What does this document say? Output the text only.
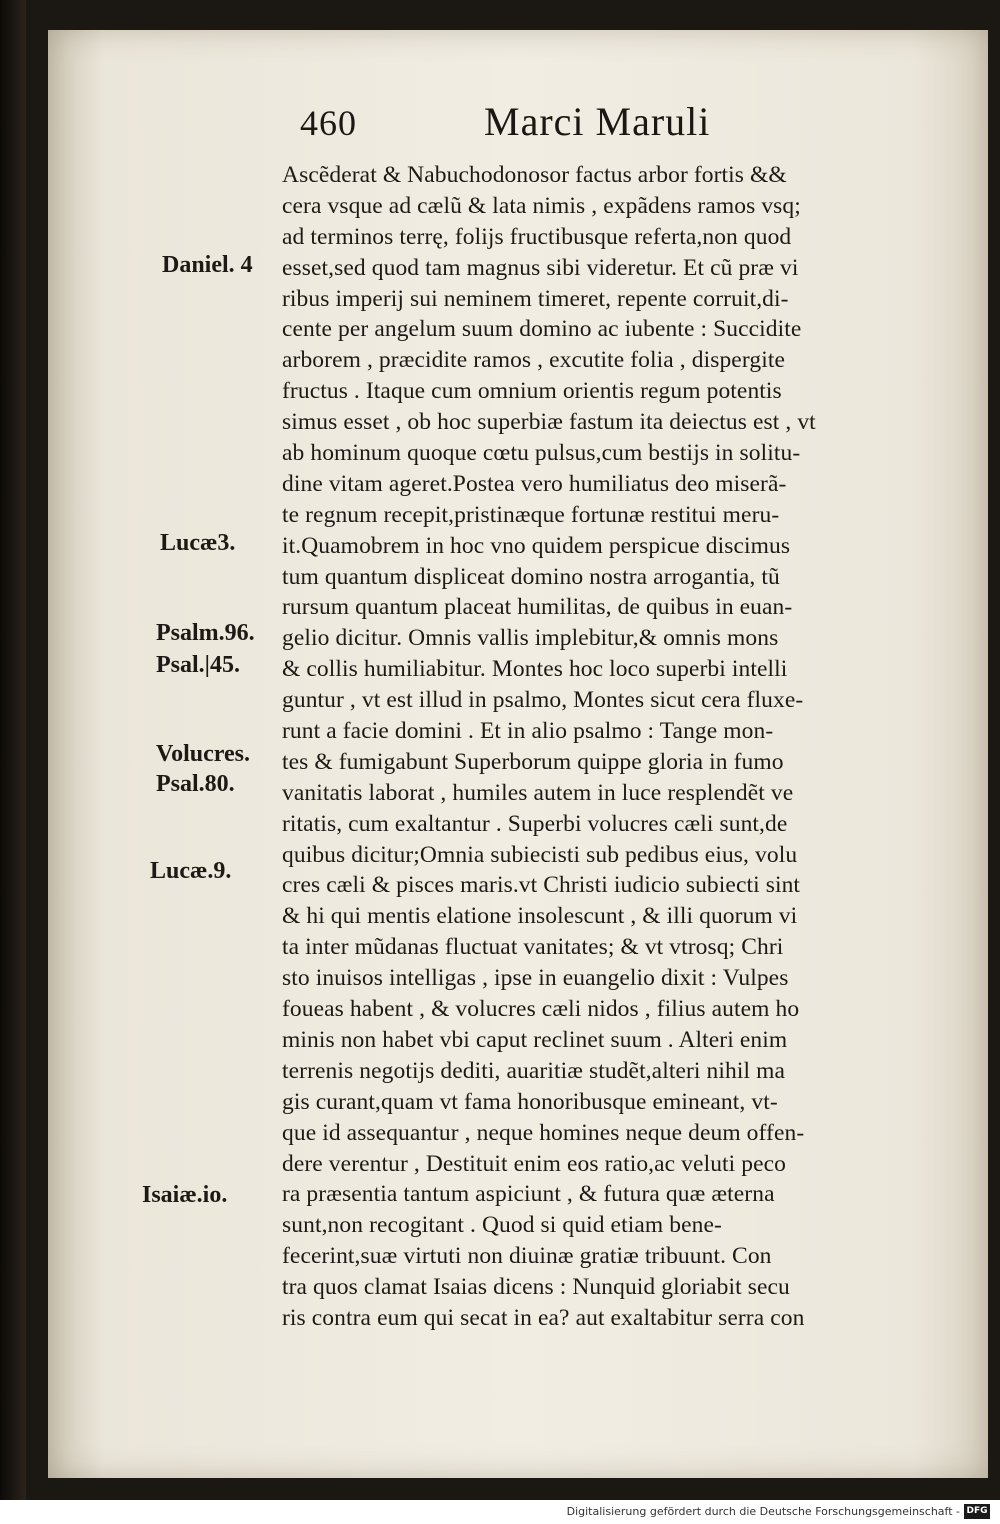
460	Marci Maruli
Ascẽderat & Nabuchodonosor factus arbor fortis &&
cera vsque ad cælũ & lata nimis , expãdens ramos vsq;
ad terminos terrę, folijs fructibusque referta,non quod
esset,sed quod tam magnus sibi videretur. Et cũ præ vi
ribus imperij sui neminem timeret, repente corruit,di-
cente per angelum suum domino ac iubente : Succidite
arborem , præcidite ramos , excutite folia , dispergite
fructus . Itaque cum omnium orientis regum potentis
simus esset , ob hoc superbiæ fastum ita deiectus est , vt
ab hominum quoque cœtu pulsus,cum bestijs in solitu-
dine vitam ageret.Postea vero humiliatus deo miserã-
te regnum recepit,pristinæque fortunæ restitui meru-
it.Quamobrem in hoc vno quidem perspicue discimus
tum quantum displiceat domino nostra arrogantia, tũ
rursum quantum placeat humilitas, de quibus in euan-
gelio dicitur. Omnis vallis implebitur,& omnis mons
& collis humiliabitur. Montes hoc loco superbi intelli
guntur , vt est illud in psalmo, Montes sicut cera fluxe-
runt a facie domini . Et in alio psalmo : Tange mon-
tes & fumigabunt Superborum quippe gloria in fumo
vanitatis laborat , humiles autem in luce resplendẽt ve
ritatis, cum exaltantur . Superbi volucres cæli sunt,de
quibus dicitur;Omnia subiecisti sub pedibus eius, volu
cres cæli & pisces maris.vt Christi iudicio subiecti sint
& hi qui mentis elatione insolescunt , & illi quorum vi
ta inter mũdanas fluctuat vanitates; & vt vtrosq; Chri
sto inuisos intelligas , ipse in euangelio dixit : Vulpes
foueas habent , & volucres cæli nidos , filius autem ho
minis non habet vbi caput reclinet suum . Alteri enim
terrenis negotijs dediti, auaritiæ studẽt,alteri nihil ma
gis curant,quam vt fama honoribusque emineant, vt-
que id assequantur , neque homines neque deum offen-
dere verentur , Destituit enim eos ratio,ac veluti peco
ra præsentia tantum aspiciunt , & futura quæ æterna
sunt,non recogitant . Quod si quid etiam bene-
fecerint,suæ virtuti non diuinæ gratiæ tribuunt. Con
tra quos clamat Isaias dicens : Nunquid gloriabit secu
ris contra eum qui secat in ea? aut exaltabitur serra con
Daniel. 4
Lucæ3.
Psalm.96.
Psal.|45.
Volucres.
Psal.80.
Lucæ.9.
Isaiæ.io.
Digitalisierung gefördert durch die Deutsche Forschungsgemeinschaft - DFG
